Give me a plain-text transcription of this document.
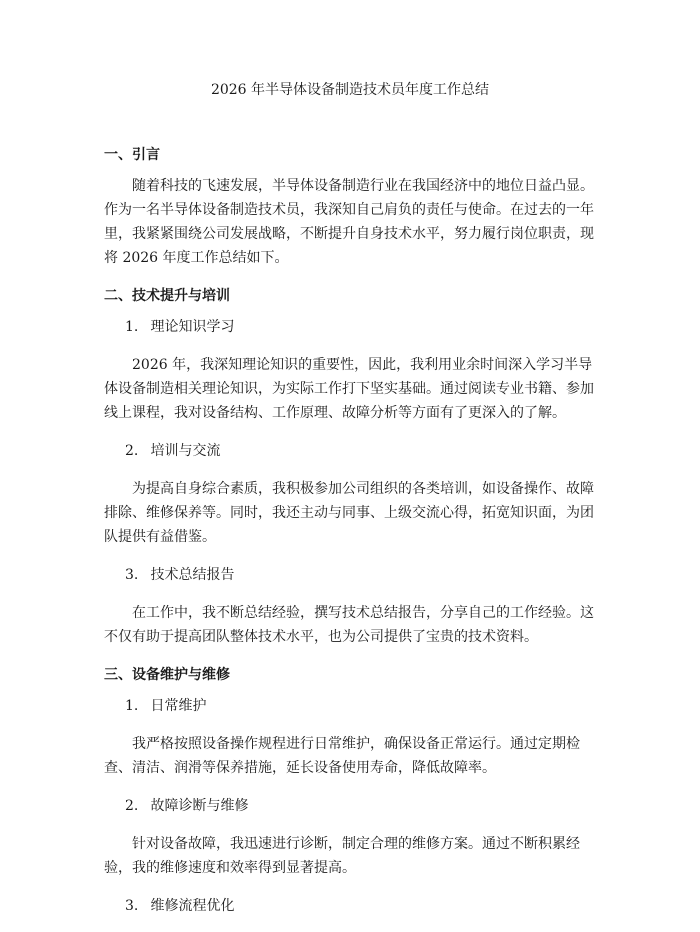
2026 年半导体设备制造技术员年度工作总结
一、引言

随着科技的飞速发展，半导体设备制造行业在我国经济中的地位日益凸显。作为一名半导体设备制造技术员，我深知自己肩负的责任与使命。在过去的一年里，我紧紧围绕公司发展战略，不断提升自身技术水平，努力履行岗位职责，现将 2026 年度工作总结如下。

二、技术提升与培训
1. 理论知识学习

2026 年，我深知理论知识的重要性，因此，我利用业余时间深入学习半导体设备制造相关理论知识，为实际工作打下坚实基础。通过阅读专业书籍、参加线上课程，我对设备结构、工作原理、故障分析等方面有了更深入的了解。

2. 培训与交流

为提高自身综合素质，我积极参加公司组织的各类培训，如设备操作、故障排除、维修保养等。同时，我还主动与同事、上级交流心得，拓宽知识面，为团队提供有益借鉴。

3. 技术总结报告

在工作中，我不断总结经验，撰写技术总结报告，分享自己的工作经验。这不仅有助于提高团队整体技术水平，也为公司提供了宝贵的技术资料。

三、设备维护与维修
1. 日常维护

我严格按照设备操作规程进行日常维护，确保设备正常运行。通过定期检查、清洁、润滑等保养措施，延长设备使用寿命，降低故障率。

2. 故障诊断与维修

针对设备故障，我迅速进行诊断，制定合理的维修方案。通过不断积累经验，我的维修速度和效率得到显著提高。

3. 维修流程优化
